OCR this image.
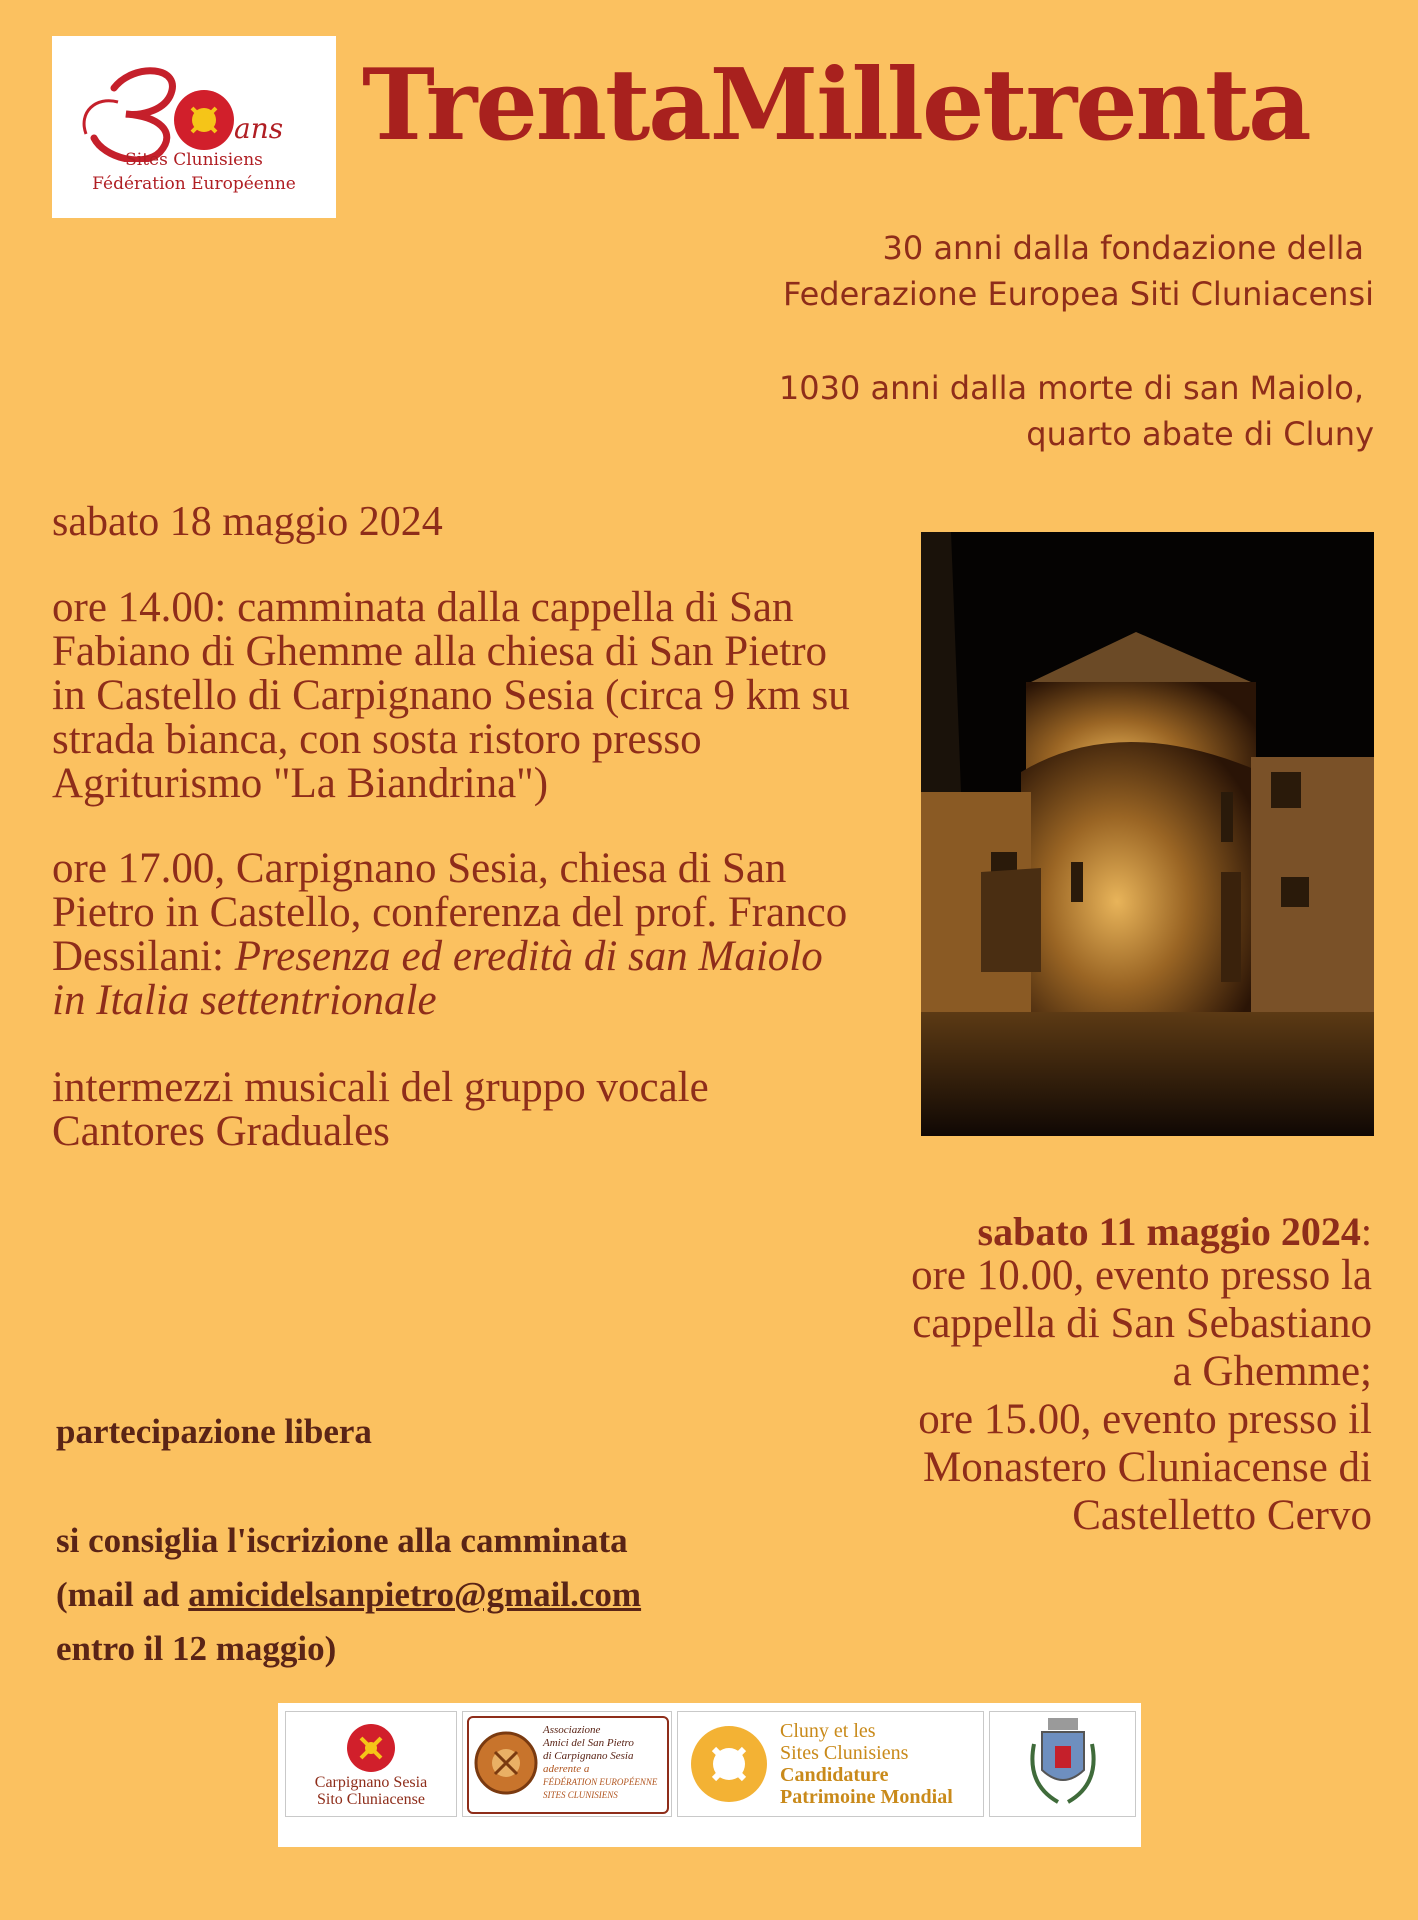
ans
Sites Clunisiens
Fédération Européenne
TrentaMilletrenta
30 anni dalla fondazione della
Federazione Europea Siti Cluniacensi
1030 anni dalla morte di san Maiolo,
quarto abate di Cluny
sabato 18 maggio 2024
ore 14.00: camminata dalla cappella di San
Fabiano di Ghemme alla chiesa di San Pietro
in Castello di Carpignano Sesia (circa 9 km su
strada bianca, con sosta ristoro presso
Agriturismo "La Biandrina")
ore 17.00, Carpignano Sesia, chiesa di San
Pietro in Castello, conferenza del prof. Franco
Dessilani: Presenza ed eredità di san Maiolo
in Italia settentrionale
intermezzi musicali del gruppo vocale
Cantores Graduales
sabato 11 maggio 2024:
ore 10.00, evento presso la
cappella di San Sebastiano
a Ghemme;
ore 15.00, evento presso il
Monastero Cluniacense di
Castelletto Cervo
partecipazione libera
si consiglia l'iscrizione alla camminata
(mail ad amicidelsanpietro@gmail.com
entro il 12 maggio)
Carpignano Sesia
Sito Cluniacense
Associazione
Amici del San Pietro
di Carpignano Sesia
aderente a
FÉDÉRATION EUROPÉENNE
SITES CLUNISIENS
Cluny et les
Sites Clunisiens
Candidature
Patrimoine Mondial
